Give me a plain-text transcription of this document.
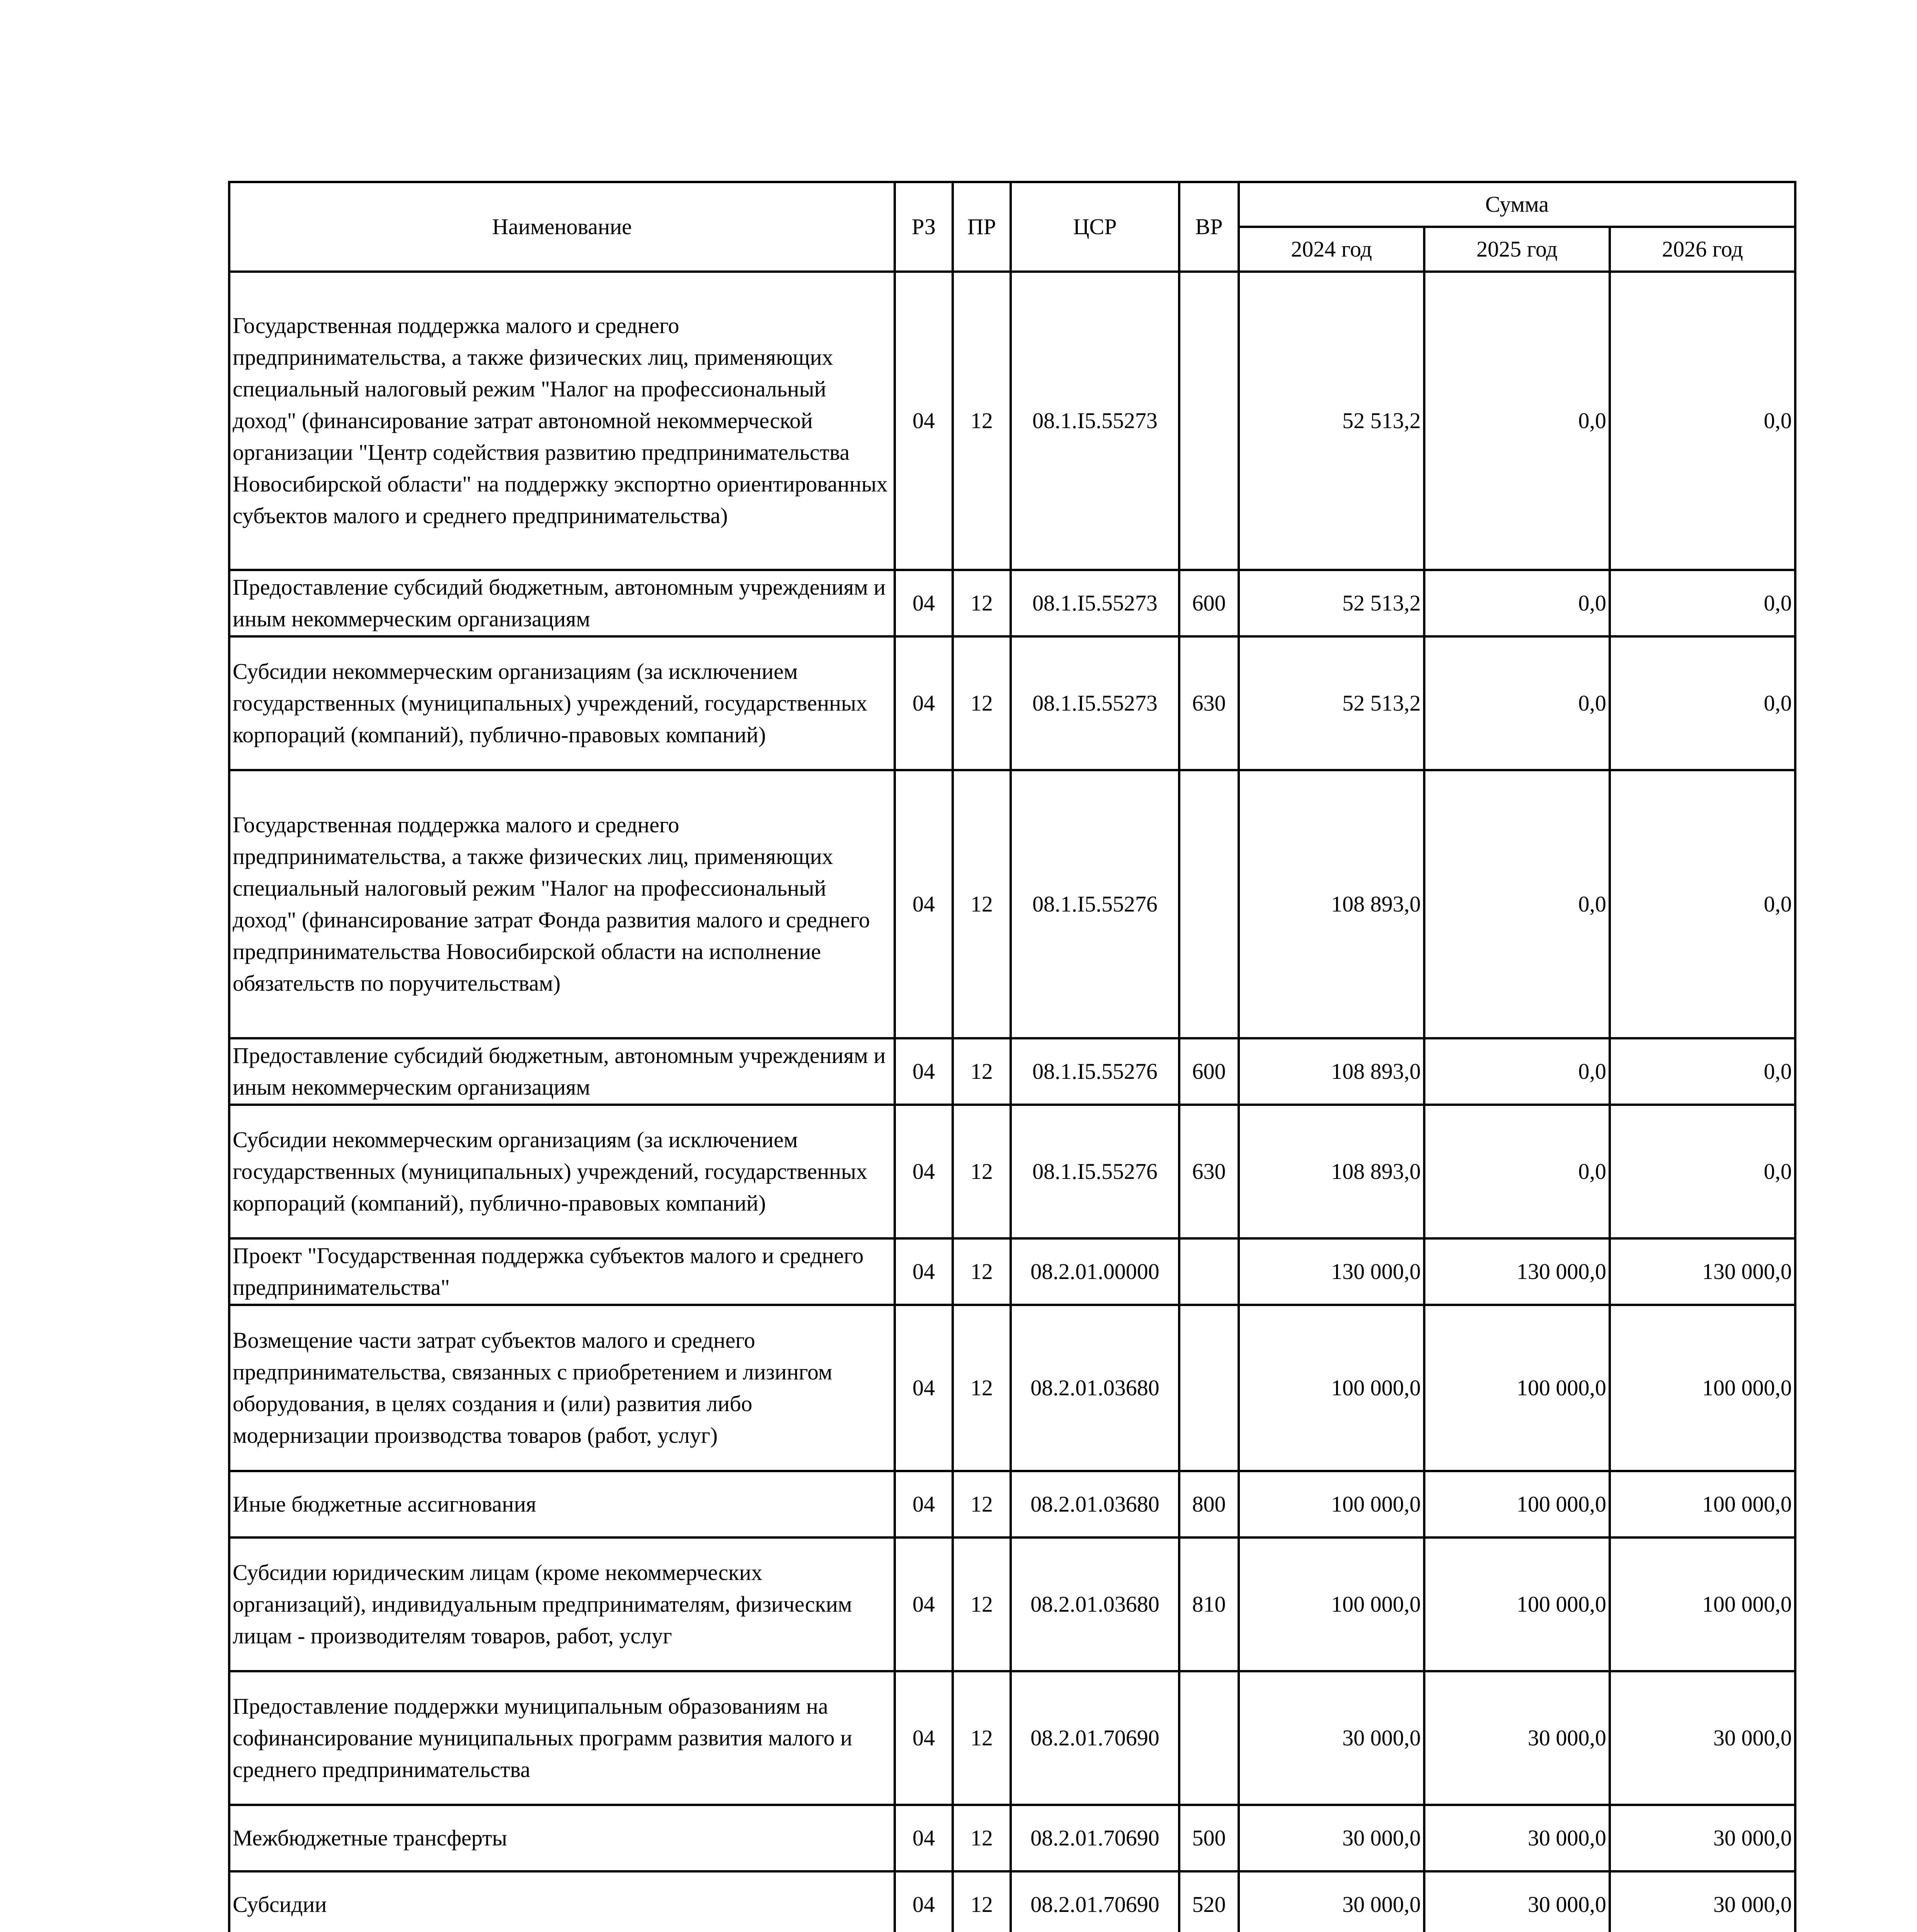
Наименование	РЗ	ПР	ЦСР	ВР	Сумма		
					2024 год	2025 год	2026 год
Государственная поддержка малого и среднего предпринимательства, а также физических лиц, применяющих специальный налоговый режим "Налог на профессиональный доход" (финансирование затрат автономной некоммерческой организации "Центр содействия развитию предпринимательства Новосибирской области" на поддержку экспортно ориентированных субъектов малого и среднего предпринимательства)	04	12	08.1.I5.55273		52 513,2	0,0	0,0
Предоставление субсидий бюджетным, автономным учреждениям и иным некоммерческим организациям	04	12	08.1.I5.55273	600	52 513,2	0,0	0,0
Субсидии некоммерческим организациям (за исключением государственных (муниципальных) учреждений, государственных корпораций (компаний), публично-правовых компаний)	04	12	08.1.I5.55273	630	52 513,2	0,0	0,0
Государственная поддержка малого и среднего предпринимательства, а также физических лиц, применяющих специальный налоговый режим "Налог на профессиональный доход" (финансирование затрат Фонда развития малого и среднего предпринимательства Новосибирской области на исполнение обязательств по поручительствам)	04	12	08.1.I5.55276		108 893,0	0,0	0,0
Предоставление субсидий бюджетным, автономным учреждениям и иным некоммерческим организациям	04	12	08.1.I5.55276	600	108 893,0	0,0	0,0
Субсидии некоммерческим организациям (за исключением государственных (муниципальных) учреждений, государственных корпораций (компаний), публично-правовых компаний)	04	12	08.1.I5.55276	630	108 893,0	0,0	0,0
Проект "Государственная поддержка субъектов малого и среднего предпринимательства"	04	12	08.2.01.00000		130 000,0	130 000,0	130 000,0
Возмещение части затрат субъектов малого и среднего предпринимательства, связанных с приобретением и лизингом оборудования, в целях создания и (или) развития либо модернизации производства товаров (работ, услуг)	04	12	08.2.01.03680		100 000,0	100 000,0	100 000,0
Иные бюджетные ассигнования	04	12	08.2.01.03680	800	100 000,0	100 000,0	100 000,0
Субсидии юридическим лицам (кроме некоммерческих организаций), индивидуальным предпринимателям, физическим лицам - производителям товаров, работ, услуг	04	12	08.2.01.03680	810	100 000,0	100 000,0	100 000,0
Предоставление поддержки муниципальным образованиям на софинансирование муниципальных программ развития малого и среднего предпринимательства	04	12	08.2.01.70690		30 000,0	30 000,0	30 000,0
Межбюджетные трансферты	04	12	08.2.01.70690	500	30 000,0	30 000,0	30 000,0
Субсидии	04	12	08.2.01.70690	520	30 000,0	30 000,0	30 000,0
